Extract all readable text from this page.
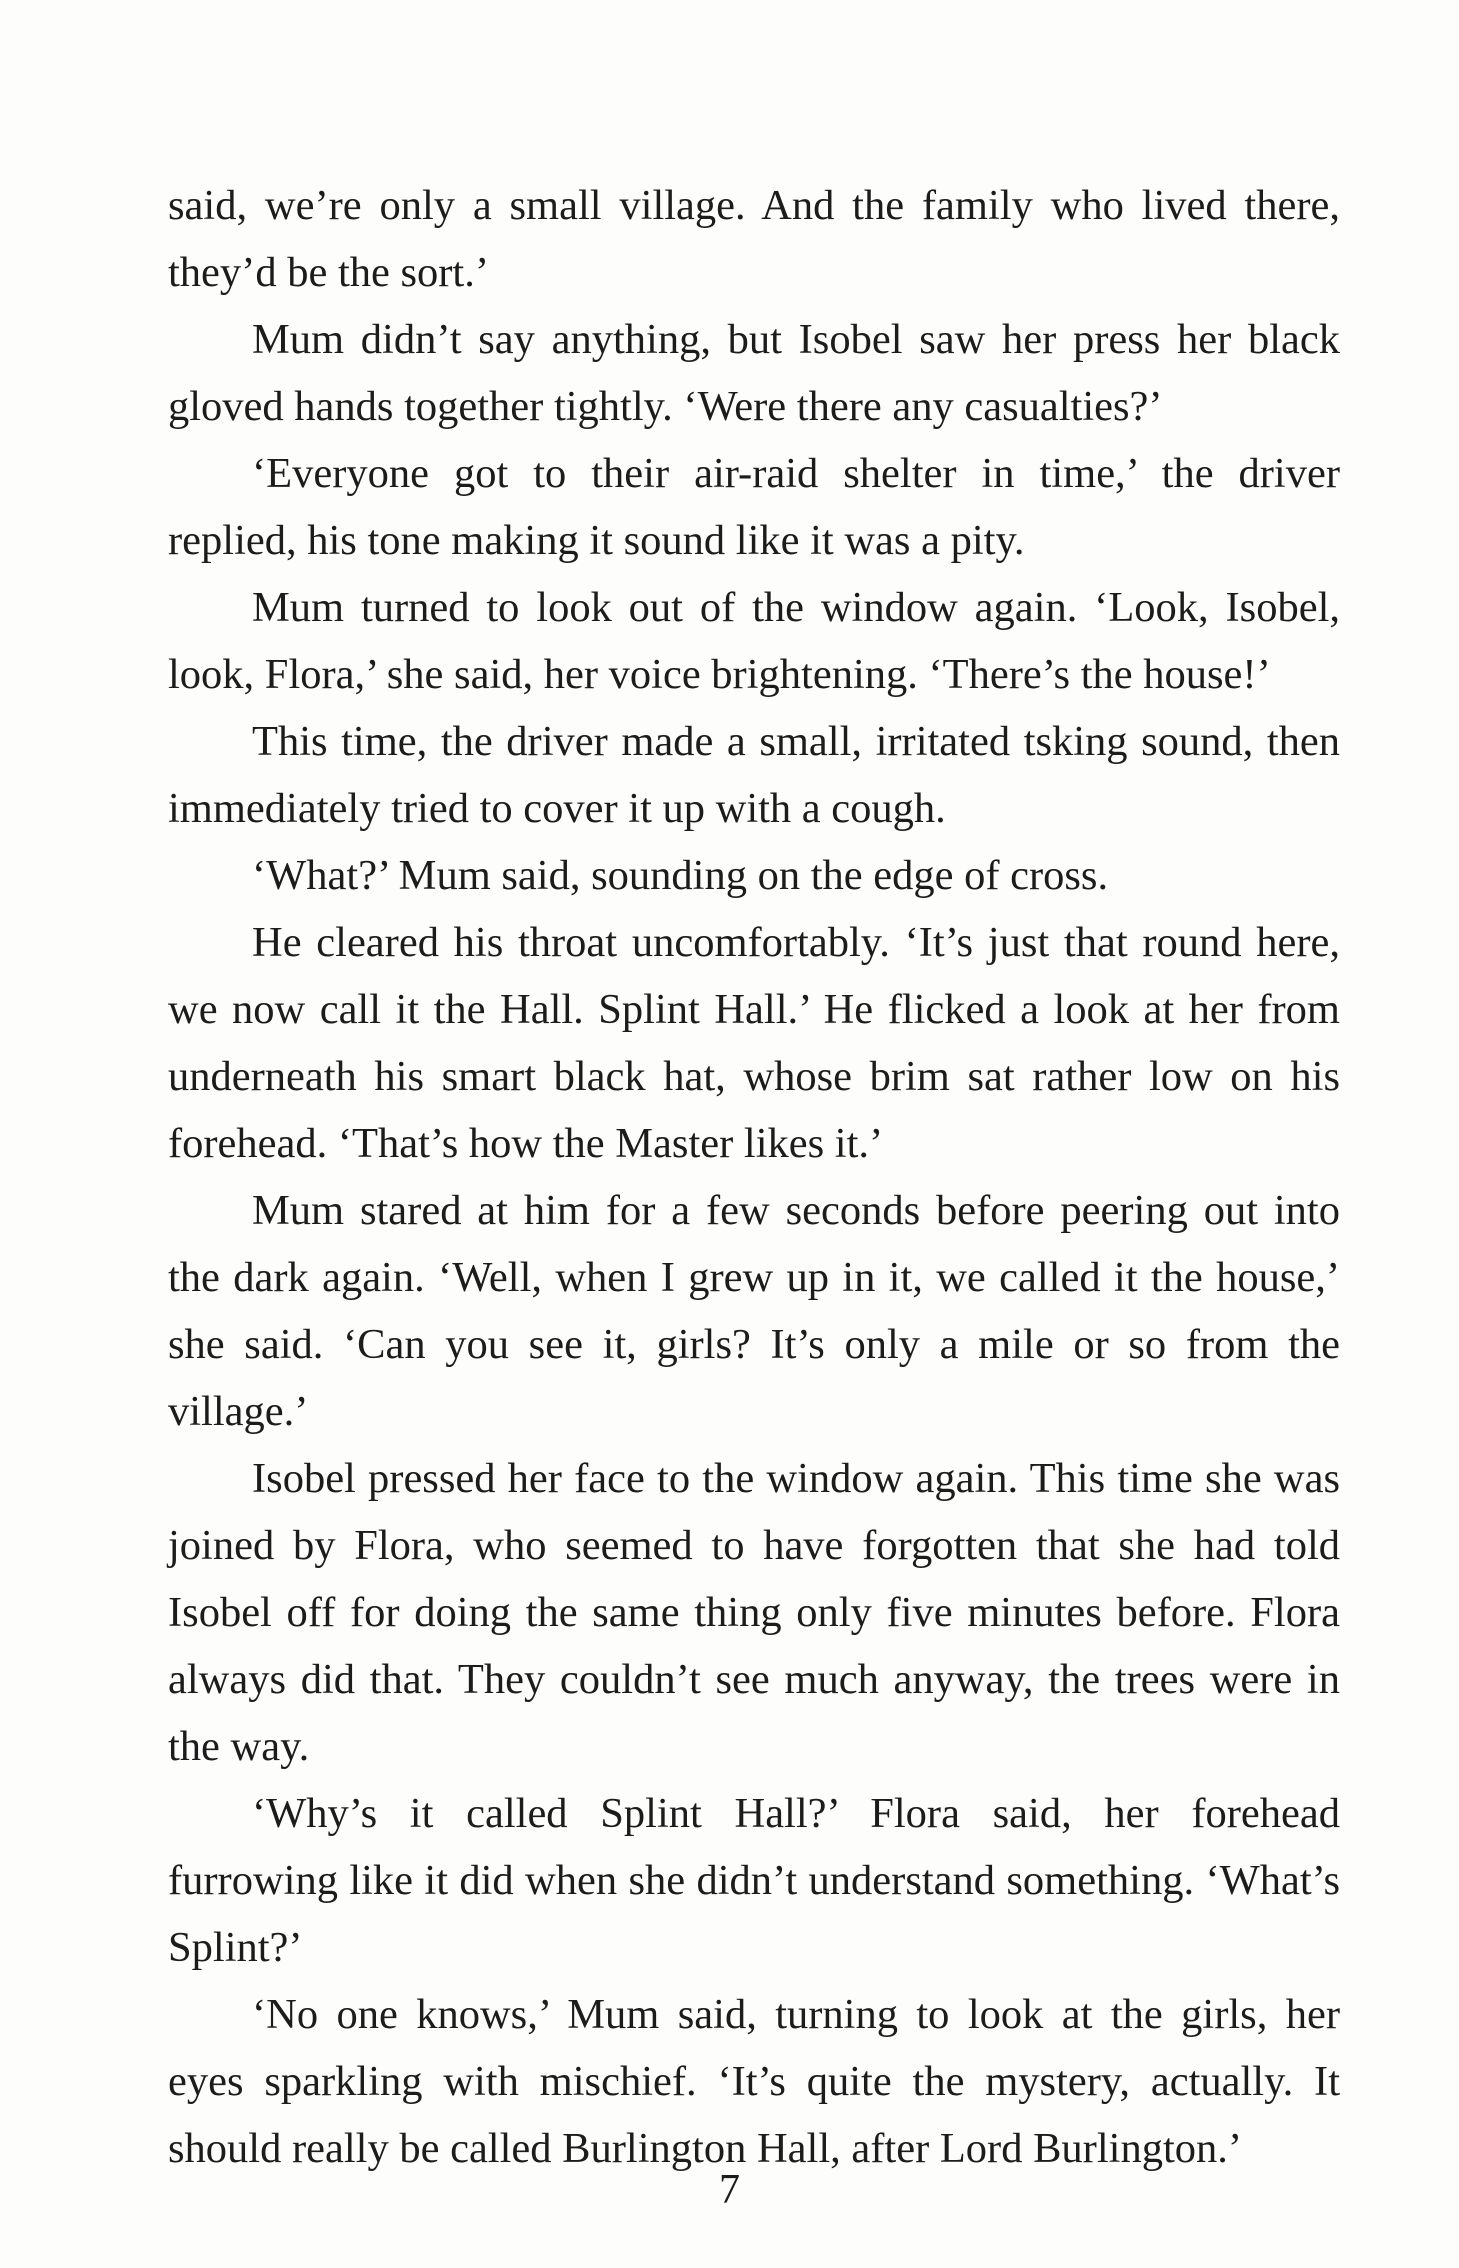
said, we’re only a small village. And the family who lived there, they’d be the sort.’

Mum didn’t say anything, but Isobel saw her press her black gloved hands together tightly. ‘Were there any casualties?’

‘Everyone got to their air-raid shelter in time,’ the driver replied, his tone making it sound like it was a pity.

Mum turned to look out of the window again. ‘Look, Isobel, look, Flora,’ she said, her voice brightening. ‘There’s the house!’

This time, the driver made a small, irritated tsking sound, then immediately tried to cover it up with a cough.

‘What?’ Mum said, sounding on the edge of cross.

He cleared his throat uncomfortably. ‘It’s just that round here, we now call it the Hall. Splint Hall.’ He flicked a look at her from underneath his smart black hat, whose brim sat rather low on his forehead. ‘That’s how the Master likes it.’

Mum stared at him for a few seconds before peering out into the dark again. ‘Well, when I grew up in it, we called it the house,’ she said. ‘Can you see it, girls? It’s only a mile or so from the village.’

Isobel pressed her face to the window again. This time she was joined by Flora, who seemed to have forgotten that she had told Isobel off for doing the same thing only five minutes before. Flora always did that. They couldn’t see much anyway, the trees were in the way.

‘Why’s it called Splint Hall?’ Flora said, her forehead furrowing like it did when she didn’t understand something. ‘What’s Splint?’

‘No one knows,’ Mum said, turning to look at the girls, her eyes sparkling with mischief. ‘It’s quite the mystery, actually. It should really be called Burlington Hall, after Lord Burlington.’

7
